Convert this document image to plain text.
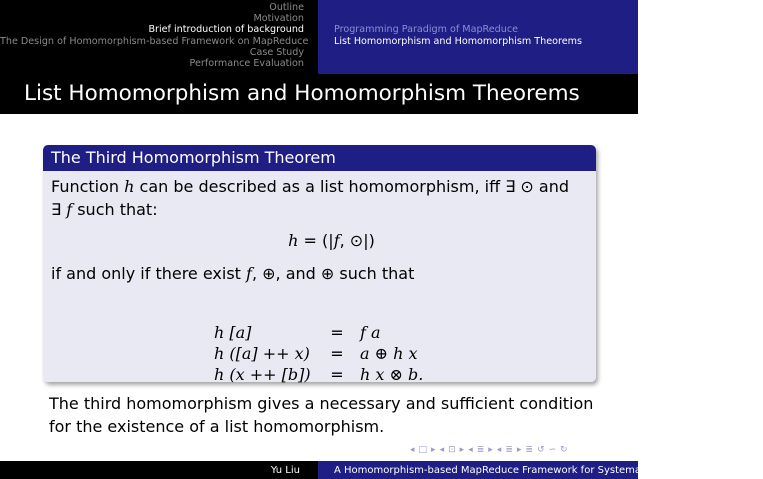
Outline
Motivation
Brief introduction of background
The Design of Homomorphism-based Framework on MapReduce
Case Study
Performance Evaluation
Programming Paradigm of MapReduce
List Homomorphism and Homomorphism Theorems
List Homomorphism and Homomorphism Theorems
The Third Homomorphism Theorem
Function h can be described as a list homomorphism, iff ∃ ⊙ and
∃ f such that:
h = (|f, ⊙|)
if and only if there exist f, ⊕, and ⊕ such that
h [a]	=	f a
h ([a] ++ x)	=	a ⊕ h x
h (x ++ [b])	=	h x ⊗ b.
The third homomorphism gives a necessary and sufficient condition for the existence of a list homomorphism.
◂ □ ▸ ◂ ⊡ ▸ ◂ ≣ ▸ ◂ ≣ ▸ ≣ ↺ ∽ ↻
Yu Liu	A Homomorphism-based MapReduce Framework for Systematic Parallel Programming
